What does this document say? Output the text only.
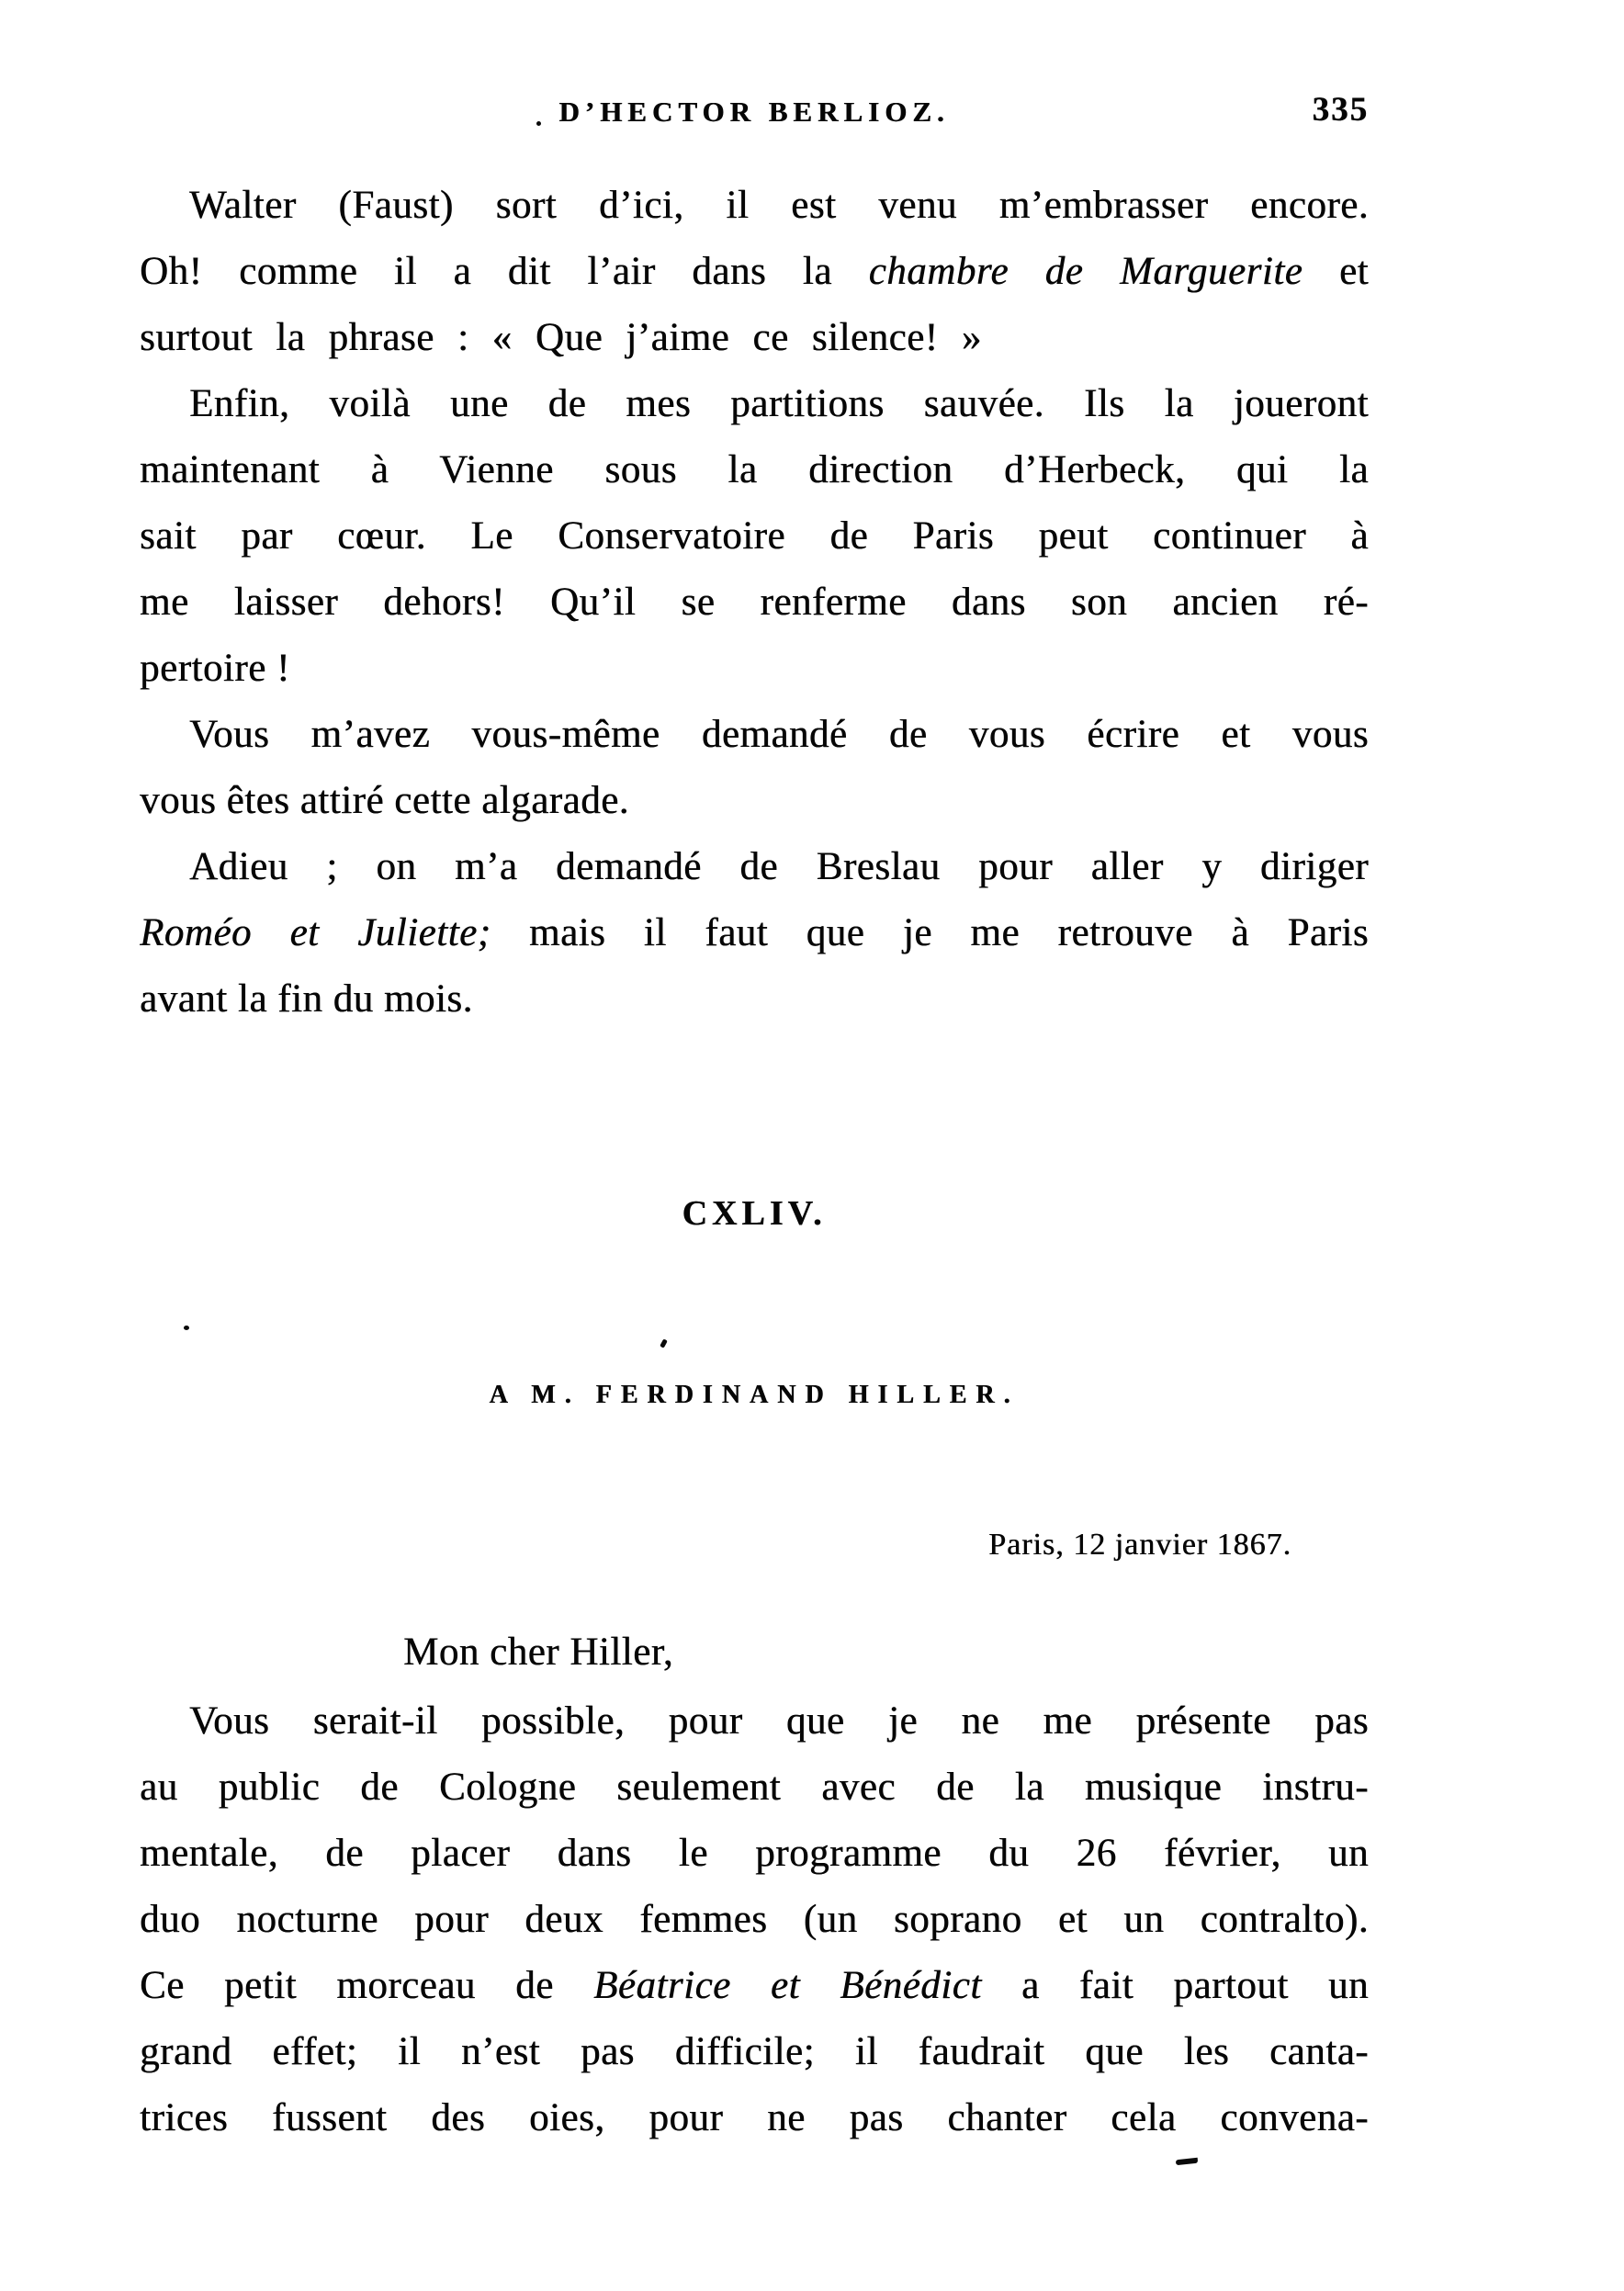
D’HECTOR BERLIOZ.	335
Walter (Faust) sort d’ici, il est venu m’embrasser encore.
Oh! comme il a dit l’air dans la chambre de Marguerite et
surtout la phrase : « Que j’aime ce silence! »
Enfin, voilà une de mes partitions sauvée. Ils la joueront
maintenant à Vienne sous la direction d’Herbeck, qui la
sait par cœur. Le Conservatoire de Paris peut continuer à
me laisser dehors! Qu’il se renferme dans son ancien ré-
pertoire !
Vous m’avez vous-même demandé de vous écrire et vous
vous êtes attiré cette algarade.
Adieu ; on m’a demandé de Breslau pour aller y diriger
Roméo et Juliette; mais il faut que je me retrouve à Paris
avant la fin du mois.
CXLIV.
A M. FERDINAND HILLER.
Paris, 12 janvier 1867.
Mon cher Hiller,
Vous serait-il possible, pour que je ne me présente pas
au public de Cologne seulement avec de la musique instru-
mentale, de placer dans le programme du 26 février, un
duo nocturne pour deux femmes (un soprano et un contralto).
Ce petit morceau de Béatrice et Bénédict a fait partout un
grand effet; il n’est pas difficile; il faudrait que les canta-
trices fussent des oies, pour ne pas chanter cela convena-
